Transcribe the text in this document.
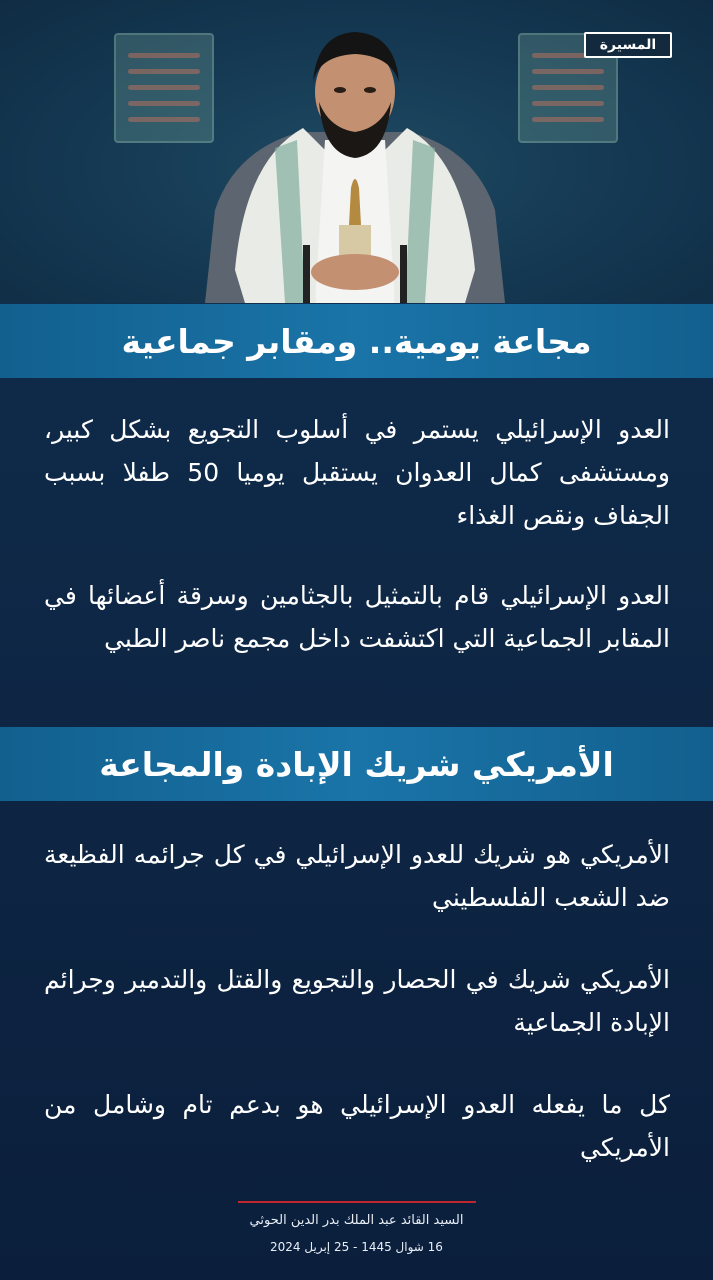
المسيرة
مجاعة يومية.. ومقابر جماعية
العدو الإسرائيلي يستمر في أسلوب التجويع بشكل كبير، ومستشفى كمال العدوان يستقبل يوميا 50 طفلا بسبب الجفاف ونقص الغذاء
العدو الإسرائيلي قام بالتمثيل بالجثامين وسرقة أعضائها في المقابر الجماعية التي اكتشفت داخل مجمع ناصر الطبي
الأمريكي شريك الإبادة والمجاعة
الأمريكي هو شريك للعدو الإسرائيلي في كل جرائمه الفظيعة ضد الشعب الفلسطيني
الأمريكي شريك في الحصار والتجويع والقتل والتدمير وجرائم الإبادة الجماعية
كل ما يفعله العدو الإسرائيلي هو بدعم تام وشامل من الأمريكي
السيد القائد عبد الملك بدر الدين الحوثي
16 شوال 1445 - 25 إبريل 2024
